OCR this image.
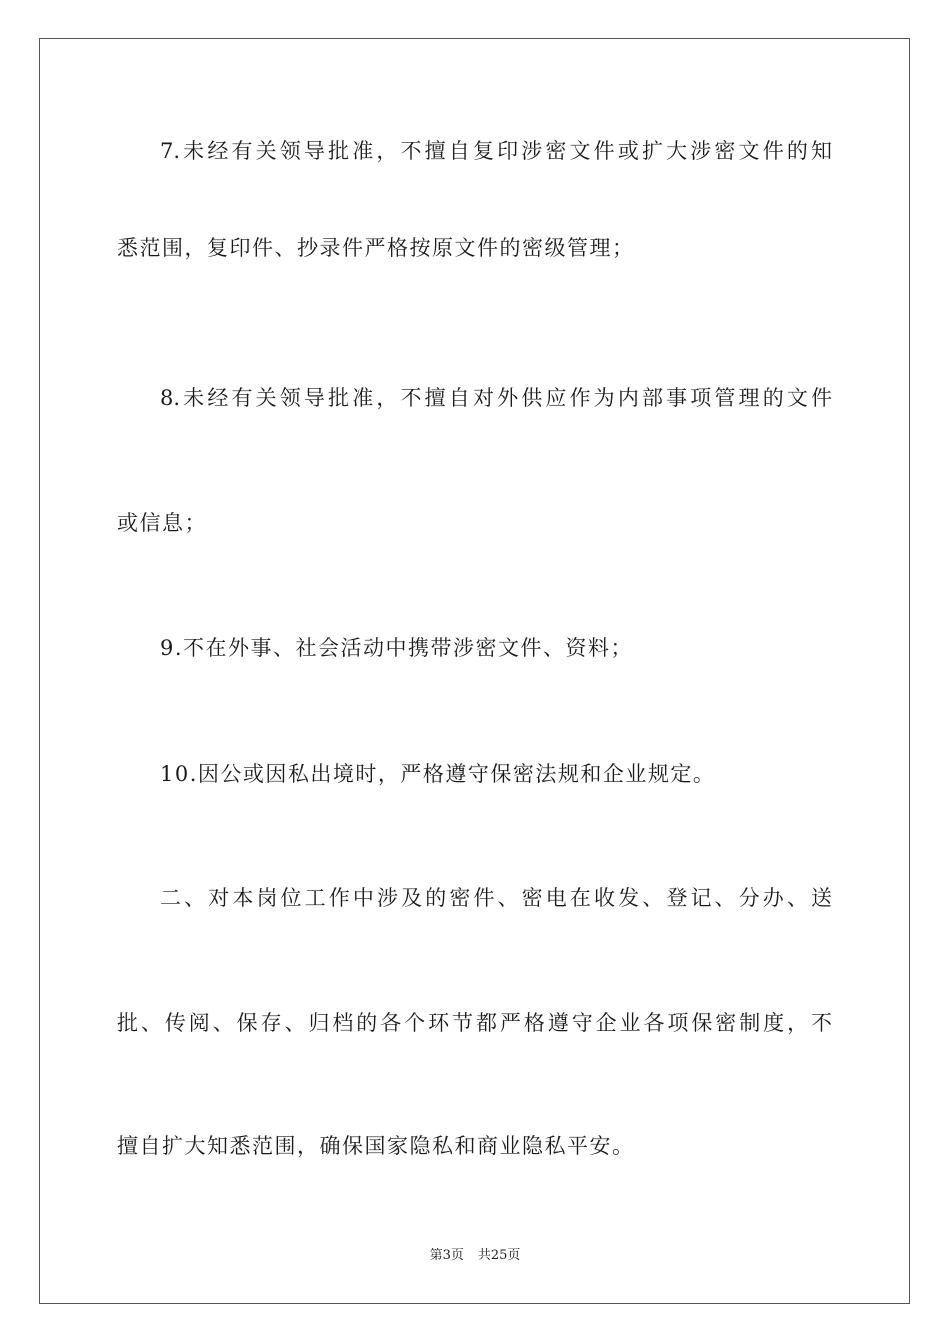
7.未经有关领导批准，不擅自复印涉密文件或扩大涉密文件的知
悉范围，复印件、抄录件严格按原文件的密级管理；
8.未经有关领导批准，不擅自对外供应作为内部事项管理的文件
或信息；
9.不在外事、社会活动中携带涉密文件、资料；
10.因公或因私出境时，严格遵守保密法规和企业规定。
二、对本岗位工作中涉及的密件、密电在收发、登记、分办、送
批、传阅、保存、归档的各个环节都严格遵守企业各项保密制度，不
擅自扩大知悉范围，确保国家隐私和商业隐私平安。
第3页 共25页
